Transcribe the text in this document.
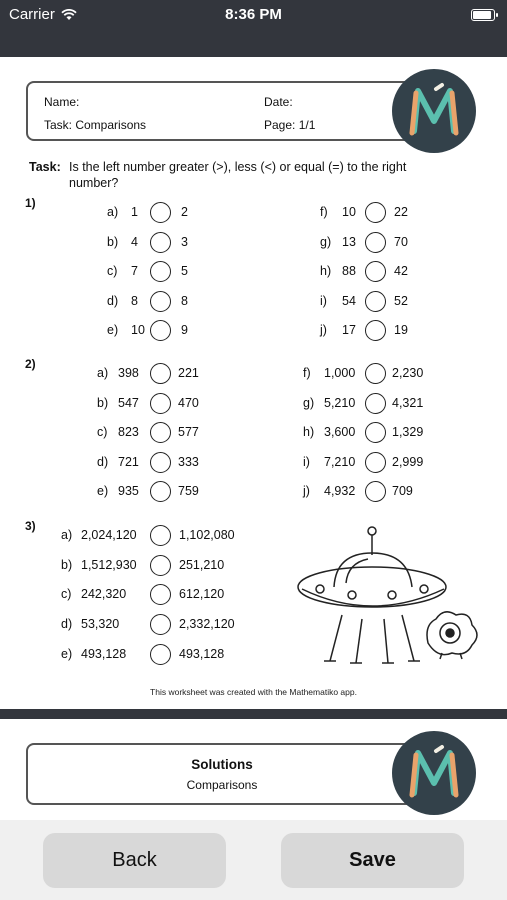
Carrier	8:36 PM
Name:	Date:
Task: Comparisons	Page: 1/1
Task: Is the left number greater (>), less (<) or equal (=) to the right number?
1)
a) 1	2
b) 4	3
c) 7	5
d) 8	8
e) 10	9
f) 10	22
g) 13	70
h) 88	42
i) 54	52
j) 17	19
2)
a) 398	221
b) 547	470
c) 823	577
d) 721	333
e) 935	759
f) 1,000	2,230
g) 5,210	4,321
h) 3,600	1,329
i) 7,210	2,999
j) 4,932	709
3)
a) 2,024,120	1,102,080
b) 1,512,930	251,210
c) 242,320	612,120
d) 53,320	2,332,120
e) 493,128	493,128
This worksheet was created with the Mathematiko app.
Solutions
Comparisons
Back	Save
